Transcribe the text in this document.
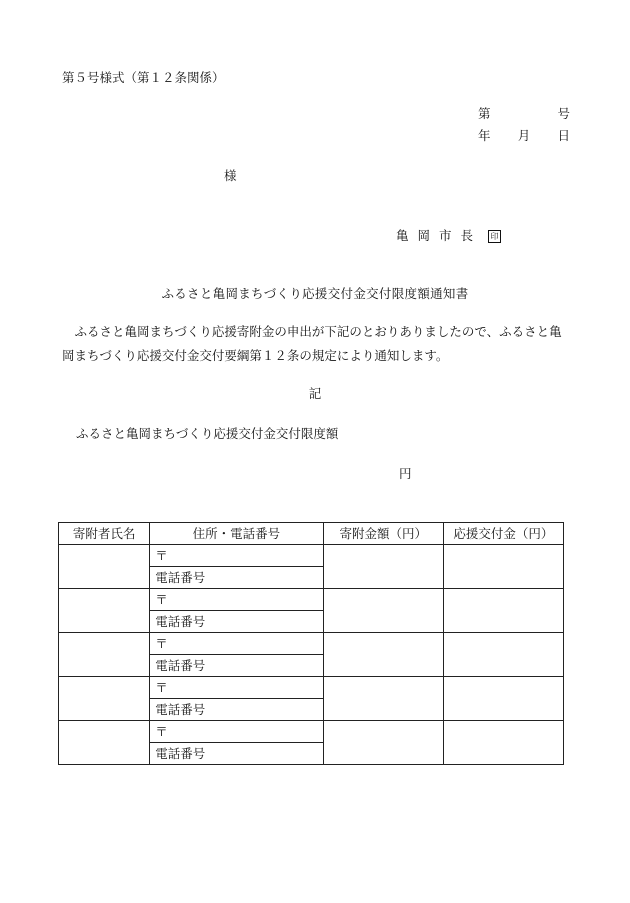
第５号様式（第１２条関係）
第	号
年 月 日
様
亀岡市長	印
ふるさと亀岡まちづくり応援交付金交付限度額通知書
ふるさと亀岡まちづくり応援寄附金の申出が下記のとおりありましたので、ふるさと亀岡まちづくり応援交付金交付要綱第１２条の規定により通知します。
記
ふるさと亀岡まちづくり応援交付金交付限度額
円
寄附者氏名	住所・電話番号	寄附金額（円）	応援交付金（円）
	〒		
	電話番号		
	〒		
	電話番号		
	〒		
	電話番号		
	〒		
	電話番号		
	〒		
	電話番号		
